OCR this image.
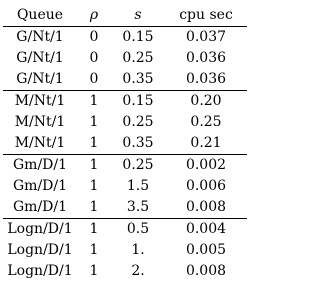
Queue	ρ	s	cpu sec
G/Nt/1	0	0.15	0.037
G/Nt/1	0	0.25	0.036
G/Nt/1	0	0.35	0.036
M/Nt/1	1	0.15	0.20
M/Nt/1	1	0.25	0.25
M/Nt/1	1	0.35	0.21
Gm/D/1	1	0.25	0.002
Gm/D/1	1	1.5	0.006
Gm/D/1	1	3.5	0.008
Logn/D/1	1	0.5	0.004
Logn/D/1	1	1.	0.005
Logn/D/1	1	2.	0.008
